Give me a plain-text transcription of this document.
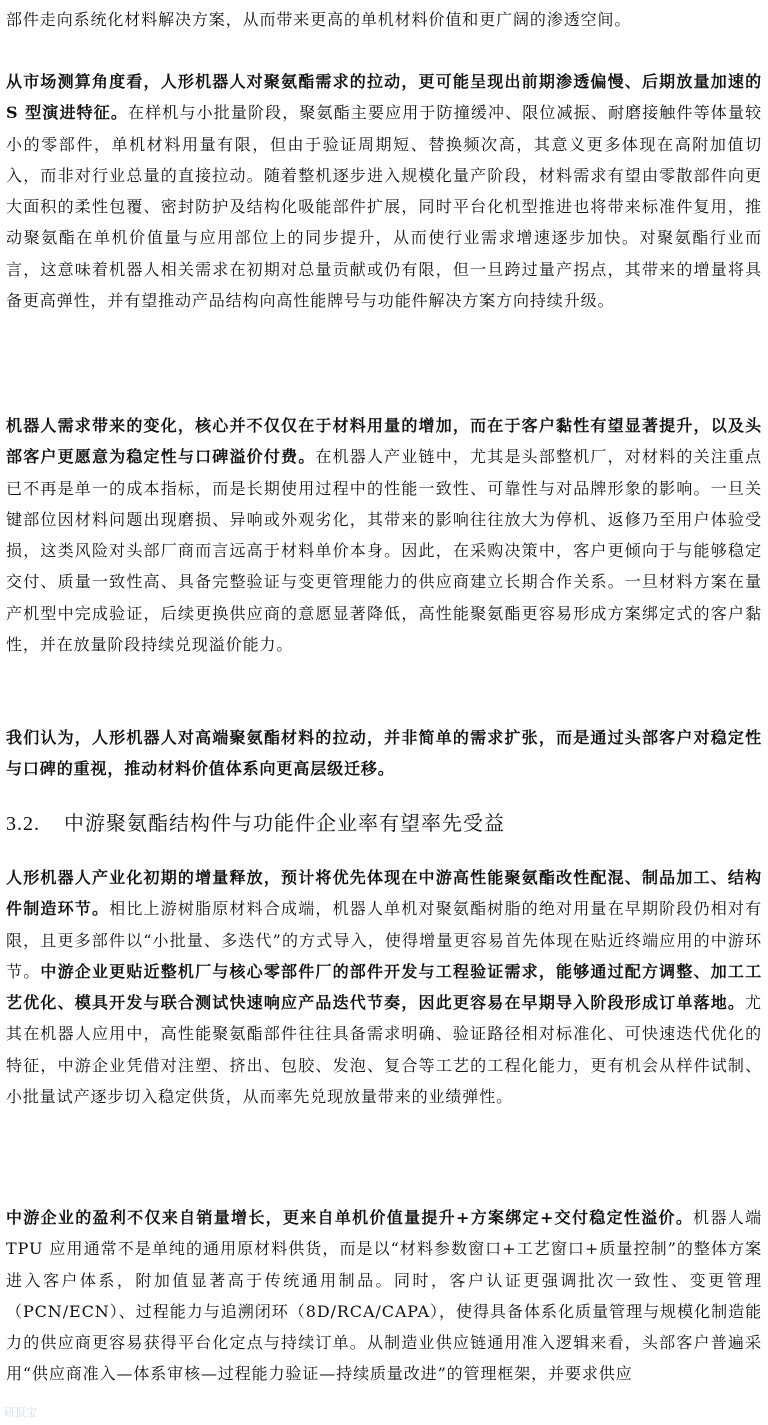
部件走向系统化材料解决方案，从而带来更高的单机材料价值和更广阔的渗透空间。

从市场测算角度看，人形机器人对聚氨酯需求的拉动，更可能呈现出前期渗透偏慢、后期放量加速的 S 型演进特征。在样机与小批量阶段，聚氨酯主要应用于防撞缓冲、限位减振、耐磨接触件等体量较小的零部件，单机材料用量有限，但由于验证周期短、替换频次高，其意义更多体现在高附加值切入，而非对行业总量的直接拉动。随着整机逐步进入规模化量产阶段，材料需求有望由零散部件向更大面积的柔性包覆、密封防护及结构化吸能部件扩展，同时平台化机型推进也将带来标准件复用，推动聚氨酯在单机价值量与应用部位上的同步提升，从而使行业需求增速逐步加快。对聚氨酯行业而言，这意味着机器人相关需求在初期对总量贡献或仍有限，但一旦跨过量产拐点，其带来的增量将具备更高弹性，并有望推动产品结构向高性能牌号与功能件解决方案方向持续升级。

机器人需求带来的变化，核心并不仅仅在于材料用量的增加，而在于客户黏性有望显著提升，以及头部客户更愿意为稳定性与口碑溢价付费。在机器人产业链中，尤其是头部整机厂，对材料的关注重点已不再是单一的成本指标，而是长期使用过程中的性能一致性、可靠性与对品牌形象的影响。一旦关键部位因材料问题出现磨损、异响或外观劣化，其带来的影响往往放大为停机、返修乃至用户体验受损，这类风险对头部厂商而言远高于材料单价本身。因此，在采购决策中，客户更倾向于与能够稳定交付、质量一致性高、具备完整验证与变更管理能力的供应商建立长期合作关系。一旦材料方案在量产机型中完成验证，后续更换供应商的意愿显著降低，高性能聚氨酯更容易形成方案绑定式的客户黏性，并在放量阶段持续兑现溢价能力。

我们认为，人形机器人对高端聚氨酯材料的拉动，并非简单的需求扩张，而是通过头部客户对稳定性与口碑的重视，推动材料价值体系向更高层级迁移。

3.2. 中游聚氨酯结构件与功能件企业率有望率先受益

人形机器人产业化初期的增量释放，预计将优先体现在中游高性能聚氨酯改性配混、制品加工、结构件制造环节。相比上游树脂原材料合成端，机器人单机对聚氨酯树脂的绝对用量在早期阶段仍相对有限，且更多部件以“小批量、多迭代”的方式导入，使得增量更容易首先体现在贴近终端应用的中游环节。中游企业更贴近整机厂与核心零部件厂的部件开发与工程验证需求，能够通过配方调整、加工工艺优化、模具开发与联合测试快速响应产品迭代节奏，因此更容易在早期导入阶段形成订单落地。尤其在机器人应用中，高性能聚氨酯部件往往具备需求明确、验证路径相对标准化、可快速迭代优化的特征，中游企业凭借对注塑、挤出、包胶、发泡、复合等工艺的工程化能力，更有机会从样件试制、小批量试产逐步切入稳定供货，从而率先兑现放量带来的业绩弹性。

中游企业的盈利不仅来自销量增长，更来自单机价值量提升+方案绑定+交付稳定性溢价。机器人端 TPU 应用通常不是单纯的通用原材料供货，而是以“材料参数窗口+工艺窗口+质量控制”的整体方案进入客户体系，附加值显著高于传统通用制品。同时，客户认证更强调批次一致性、变更管理（PCN/ECN）、过程能力与追溯闭环（8D/RCA/CAPA），使得具备体系化质量管理与规模化制造能力的供应商更容易获得平台化定点与持续订单。从制造业供应链通用准入逻辑来看，头部客户普遍采用“供应商准入—体系审核—过程能力验证—持续质量改进”的管理框架，并要求供应

研报宝
